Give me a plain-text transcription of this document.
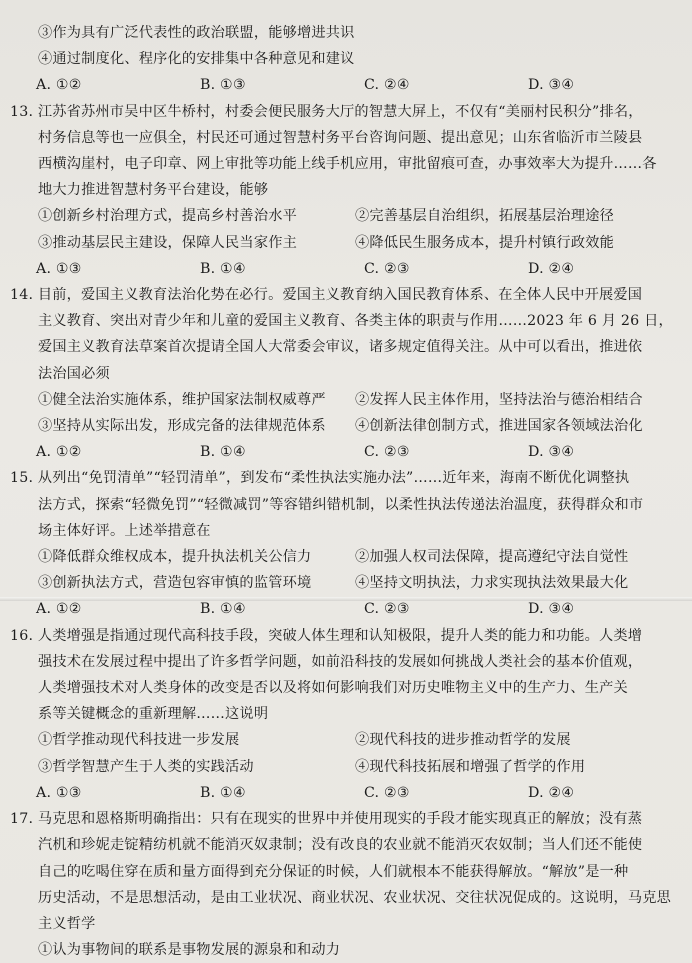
③作为具有广泛代表性的政治联盟，能够增进共识
④通过制度化、程序化的安排集中各种意见和建议
A. ①②	B. ①③	C. ②④	D. ③④
13. 江苏省苏州市吴中区牛桥村，村委会便民服务大厅的智慧大屏上，不仅有“美丽村民积分”排名，
村务信息等也一应俱全，村民还可通过智慧村务平台咨询问题、提出意见；山东省临沂市兰陵县
西横沟崖村，电子印章、网上审批等功能上线手机应用，审批留痕可查，办事效率大为提升……各
地大力推进智慧村务平台建设，能够
①创新乡村治理方式，提高乡村善治水平	②完善基层自治组织，拓展基层治理途径
③推动基层民主建设，保障人民当家作主	④降低民生服务成本，提升村镇行政效能
A. ①③	B. ①④	C. ②③	D. ②④
14. 目前，爱国主义教育法治化势在必行。爱国主义教育纳入国民教育体系、在全体人民中开展爱国
主义教育、突出对青少年和儿童的爱国主义教育、各类主体的职责与作用……2023 年 6 月 26 日，
爱国主义教育法草案首次提请全国人大常委会审议，诸多规定值得关注。从中可以看出，推进依
法治国必须
①健全法治实施体系，维护国家法制权威尊严	②发挥人民主体作用，坚持法治与德治相结合
③坚持从实际出发，形成完备的法律规范体系	④创新法律创制方式，推进国家各领域法治化
A. ①②	B. ①④	C. ②③	D. ③④
15. 从列出“免罚清单”“轻罚清单”，到发布“柔性执法实施办法”……近年来，海南不断优化调整执
法方式，探索“轻微免罚”“轻微减罚”等容错纠错机制，以柔性执法传递法治温度，获得群众和市
场主体好评。上述举措意在
①降低群众维权成本，提升执法机关公信力	②加强人权司法保障，提高遵纪守法自觉性
③创新执法方式，营造包容审慎的监管环境	④坚持文明执法，力求实现执法效果最大化
A. ①②	B. ①④	C. ②③	D. ③④
16. 人类增强是指通过现代高科技手段，突破人体生理和认知极限，提升人类的能力和功能。人类增
强技术在发展过程中提出了许多哲学问题，如前沿科技的发展如何挑战人类社会的基本价值观，
人类增强技术对人类身体的改变是否以及将如何影响我们对历史唯物主义中的生产力、生产关
系等关键概念的重新理解……这说明
①哲学推动现代科技进一步发展	②现代科技的进步推动哲学的发展
③哲学智慧产生于人类的实践活动	④现代科技拓展和增强了哲学的作用
A. ①③	B. ①④	C. ②③	D. ②④
17. 马克思和恩格斯明确指出：只有在现实的世界中并使用现实的手段才能实现真正的解放；没有蒸
汽机和珍妮走锭精纺机就不能消灭奴隶制；没有改良的农业就不能消灭农奴制；当人们还不能使
自己的吃喝住穿在质和量方面得到充分保证的时候，人们就根本不能获得解放。“解放”是一种
历史活动，不是思想活动，是由工业状况、商业状况、农业状况、交往状况促成的。这说明，马克思
主义哲学
①认为事物间的联系是事物发展的源泉和和动力
